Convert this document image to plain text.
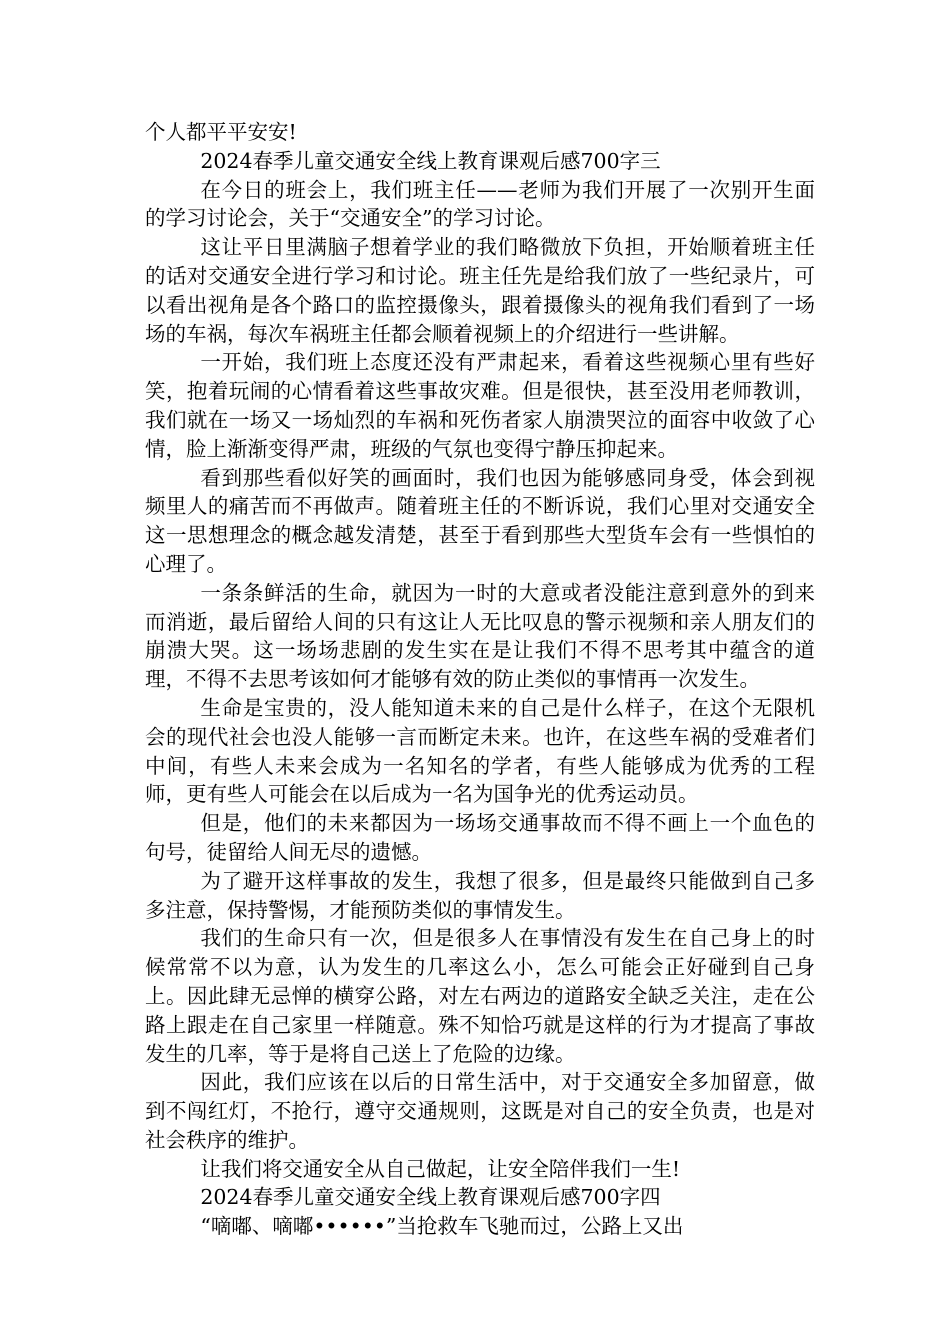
个人都平平安安!

2024春季儿童交通安全线上教育课观后感700字三

在今日的班会上，我们班主任——老师为我们开展了一次别开生面的学习讨论会，关于“交通安全”的学习讨论。

这让平日里满脑子想着学业的我们略微放下负担，开始顺着班主任的话对交通安全进行学习和讨论。班主任先是给我们放了一些纪录片，可以看出视角是各个路口的监控摄像头，跟着摄像头的视角我们看到了一场场的车祸，每次车祸班主任都会顺着视频上的介绍进行一些讲解。

一开始，我们班上态度还没有严肃起来，看着这些视频心里有些好笑，抱着玩闹的心情看着这些事故灾难。但是很快，甚至没用老师教训，我们就在一场又一场灿烈的车祸和死伤者家人崩溃哭泣的面容中收敛了心情，脸上渐渐变得严肃，班级的气氛也变得宁静压抑起来。

看到那些看似好笑的画面时，我们也因为能够感同身受，体会到视频里人的痛苦而不再做声。随着班主任的不断诉说，我们心里对交通安全这一思想理念的概念越发清楚，甚至于看到那些大型货车会有一些惧怕的心理了。

一条条鲜活的生命，就因为一时的大意或者没能注意到意外的到来而消逝，最后留给人间的只有这让人无比叹息的警示视频和亲人朋友们的崩溃大哭。这一场场悲剧的发生实在是让我们不得不思考其中蕴含的道理，不得不去思考该如何才能够有效的防止类似的事情再一次发生。

生命是宝贵的，没人能知道未来的自己是什么样子，在这个无限机会的现代社会也没人能够一言而断定未来。也许，在这些车祸的受难者们中间，有些人未来会成为一名知名的学者，有些人能够成为优秀的工程师，更有些人可能会在以后成为一名为国争光的优秀运动员。

但是，他们的未来都因为一场场交通事故而不得不画上一个血色的句号，徒留给人间无尽的遗憾。

为了避开这样事故的发生，我想了很多，但是最终只能做到自己多多注意，保持警惕，才能预防类似的事情发生。

我们的生命只有一次，但是很多人在事情没有发生在自己身上的时候常常不以为意，认为发生的几率这么小，怎么可能会正好碰到自己身上。因此肆无忌惮的横穿公路，对左右两边的道路安全缺乏关注，走在公路上跟走在自己家里一样随意。殊不知恰巧就是这样的行为才提高了事故发生的几率，等于是将自己送上了危险的边缘。

因此，我们应该在以后的日常生活中，对于交通安全多加留意，做到不闯红灯，不抢行，遵守交通规则，这既是对自己的安全负责，也是对社会秩序的维护。

让我们将交通安全从自己做起，让安全陪伴我们一生!

2024春季儿童交通安全线上教育课观后感700字四

“嘀嘟、嘀嘟••••••”当抢救车飞驰而过，公路上又出
